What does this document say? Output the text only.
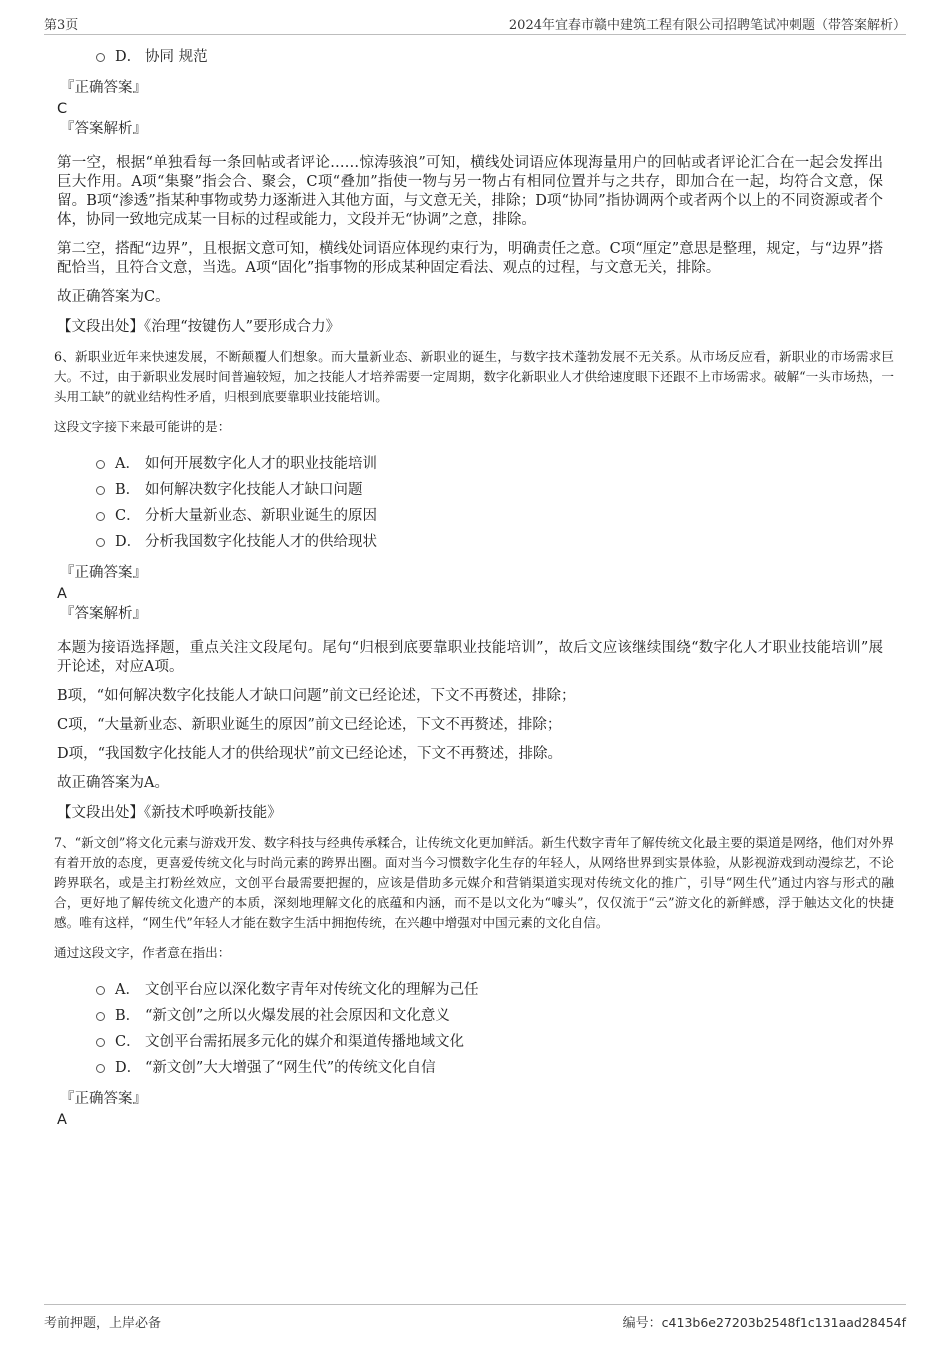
第3页	2024年宜春市赣中建筑工程有限公司招聘笔试冲刺题（带答案解析）
D． 协同 规范
『正确答案』
C
『答案解析』

第一空，根据“单独看每一条回帖或者评论……惊涛骇浪”可知，横线处词语应体现海量用户的回帖或者评论汇合在一起会发挥出巨大作用。A项“集聚”指会合、聚会，C项“叠加”指使一物与另一物占有相同位置并与之共存，即加合在一起，均符合文意，保留。B项“渗透”指某种事物或势力逐渐进入其他方面，与文意无关，排除；D项“协同”指协调两个或者两个以上的不同资源或者个体，协同一致地完成某一目标的过程或能力，文段并无“协调”之意，排除。

第二空，搭配“边界”，且根据文意可知，横线处词语应体现约束行为，明确责任之意。C项“厘定”意思是整理，规定，与“边界”搭配恰当，且符合文意，当选。A项“固化”指事物的形成某种固定看法、观点的过程，与文意无关，排除。

故正确答案为C。

【文段出处】《治理“按键伤人”要形成合力》

6、新职业近年来快速发展，不断颠覆人们想象。而大量新业态、新职业的诞生，与数字技术蓬勃发展不无关系。从市场反应看，新职业的市场需求巨大。不过，由于新职业发展时间普遍较短，加之技能人才培养需要一定周期，数字化新职业人才供给速度眼下还跟不上市场需求。破解“一头市场热，一头用工缺”的就业结构性矛盾，归根到底要靠职业技能培训。

这段文字接下来最可能讲的是：

A． 如何开展数字化人才的职业技能培训
B． 如何解决数字化技能人才缺口问题
C． 分析大量新业态、新职业诞生的原因
D． 分析我国数字化技能人才的供给现状
『正确答案』
A
『答案解析』

本题为接语选择题，重点关注文段尾句。尾句“归根到底要靠职业技能培训”，故后文应该继续围绕“数字化人才职业技能培训”展开论述，对应A项。

B项，“如何解决数字化技能人才缺口问题”前文已经论述，下文不再赘述，排除；

C项，“大量新业态、新职业诞生的原因”前文已经论述，下文不再赘述，排除；

D项，“我国数字化技能人才的供给现状”前文已经论述，下文不再赘述，排除。

故正确答案为A。

【文段出处】《新技术呼唤新技能》

7、“新文创”将文化元素与游戏开发、数字科技与经典传承糅合，让传统文化更加鲜活。新生代数字青年了解传统文化最主要的渠道是网络，他们对外界有着开放的态度，更喜爱传统文化与时尚元素的跨界出圈。面对当今习惯数字化生存的年轻人，从网络世界到实景体验，从影视游戏到动漫综艺，不论跨界联名，或是主打粉丝效应，文创平台最需要把握的，应该是借助多元媒介和营销渠道实现对传统文化的推广，引导“网生代”通过内容与形式的融合，更好地了解传统文化遗产的本质，深刻地理解文化的底蕴和内涵，而不是以文化为“噱头”，仅仅流于“云”游文化的新鲜感，浮于触达文化的快捷感。唯有这样，“网生代”年轻人才能在数字生活中拥抱传统，在兴趣中增强对中国元素的文化自信。

通过这段文字，作者意在指出：

A． 文创平台应以深化数字青年对传统文化的理解为己任
B． “新文创”之所以火爆发展的社会原因和文化意义
C． 文创平台需拓展多元化的媒介和渠道传播地域文化
D． “新文创”大大增强了“网生代”的传统文化自信
『正确答案』
A
考前押题，上岸必备	编号：c413b6e27203b2548f1c131aad28454f
